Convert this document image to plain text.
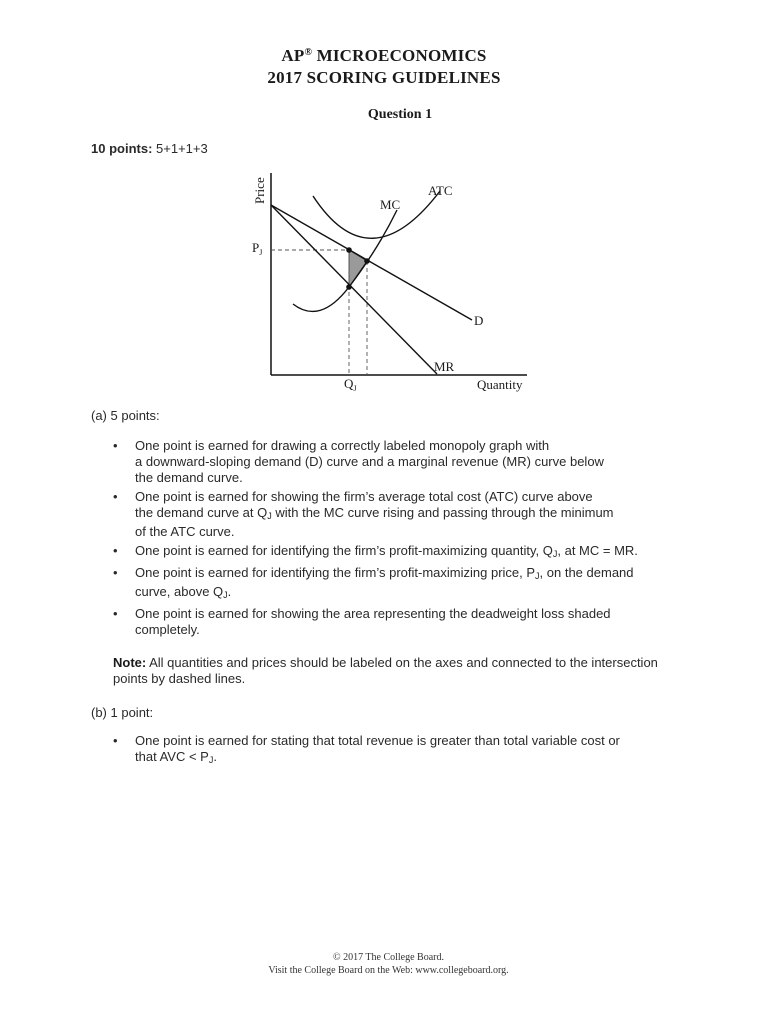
AP® MICROECONOMICS
2017 SCORING GUIDELINES
Question 1
10 points: 5+1+1+3
Price
Quantity
$P_J$
$Q_J$
MC
ATC
D
MR
(a) 5 points:
• One point is earned for drawing a correctly labeled monopoly graph with
a downward-sloping demand (D) curve and a marginal revenue (MR) curve below
the demand curve.
• One point is earned for showing the firm’s average total cost (ATC) curve above
the demand curve at $Q_J$ with the MC curve rising and passing through the minimum
of the ATC curve.
• One point is earned for identifying the firm’s profit-maximizing quantity, $Q_J$, at MC = MR.
• One point is earned for identifying the firm’s profit-maximizing price, $P_J$, on the demand
curve, above $Q_J$.
• One point is earned for showing the area representing the deadweight loss shaded
completely.
Note: All quantities and prices should be labeled on the axes and connected to the intersection
points by dashed lines.
(b) 1 point:
• One point is earned for stating that total revenue is greater than total variable cost or
that AVC < $P_J$.
© 2017 The College Board.
Visit the College Board on the Web: www.collegeboard.org.
